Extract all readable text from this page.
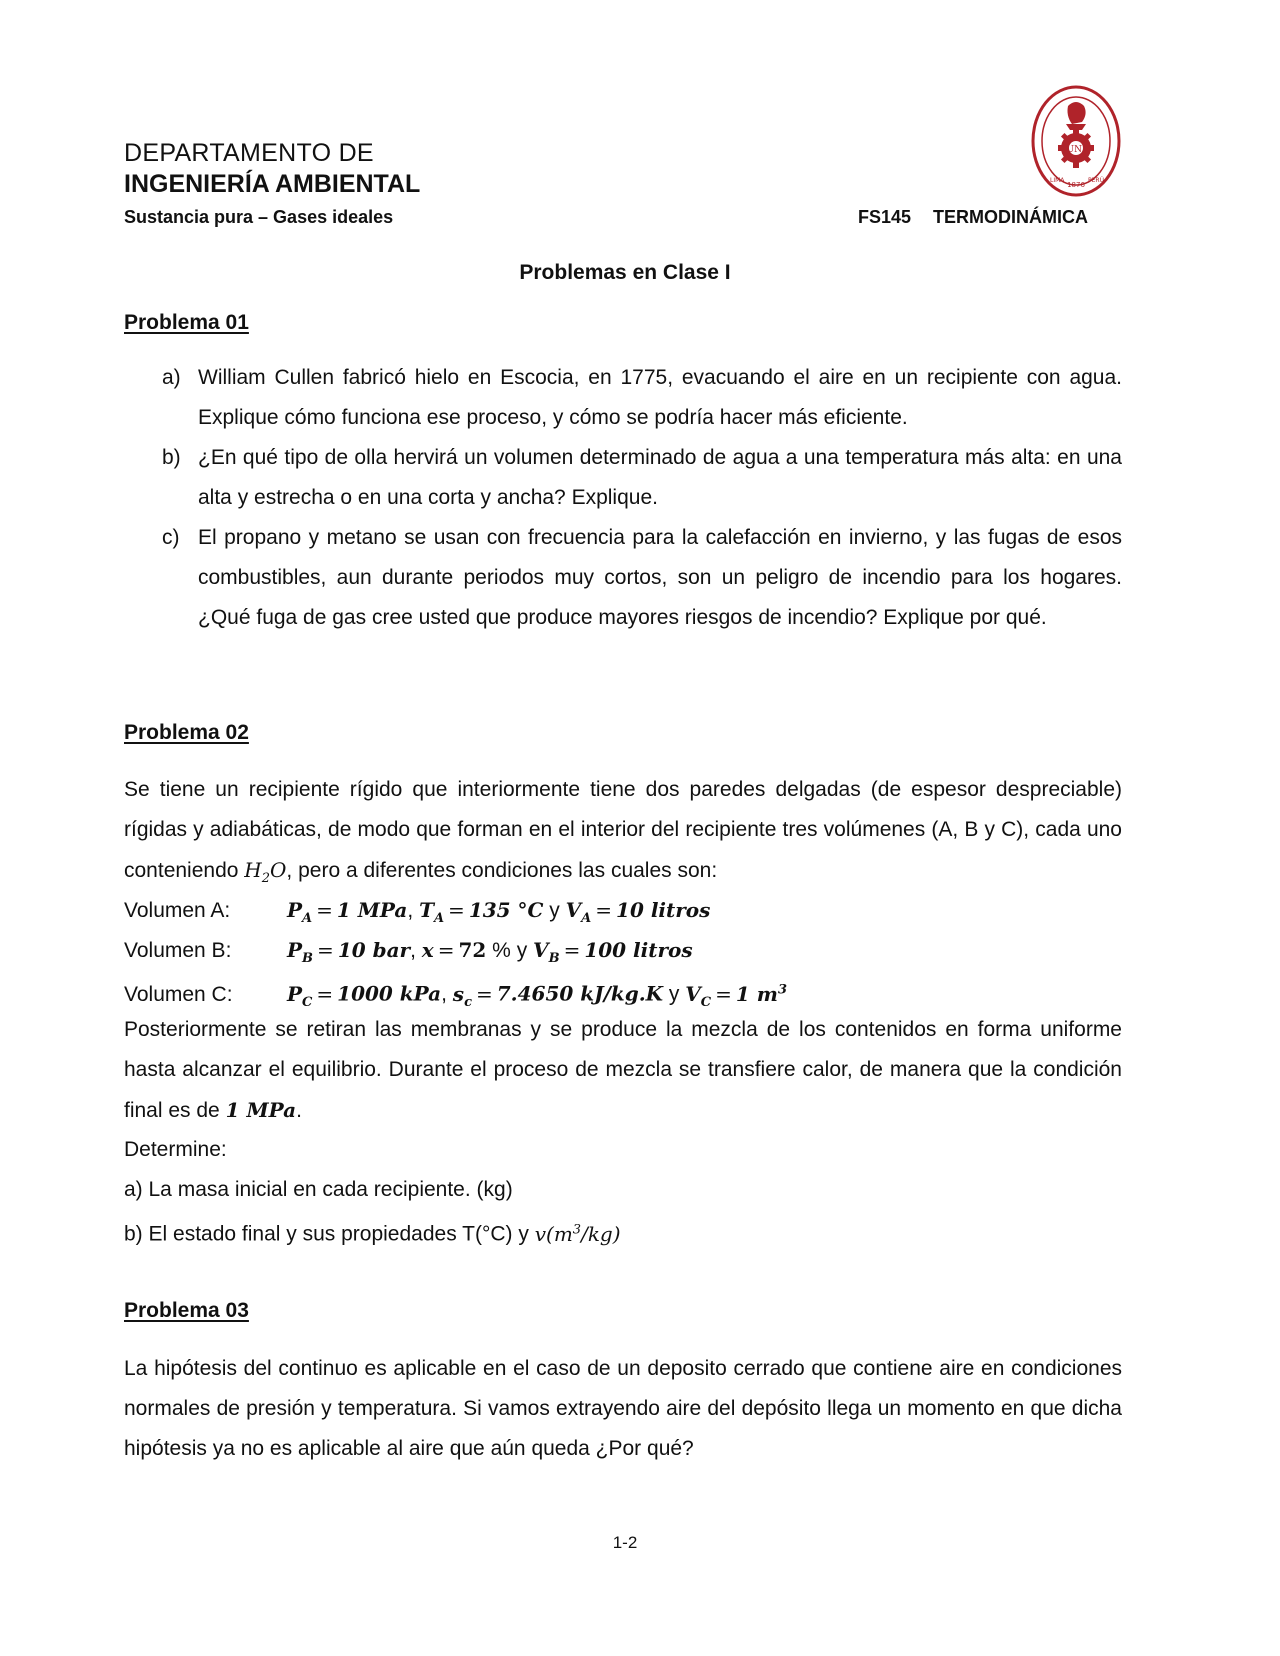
DEPARTAMENTO DE
INGENIERÍA AMBIENTAL
Sustancia pura – Gases ideales	FS145 TERMODINÁMICA
UNI
1876
LIMA	PERÚ
Problemas en Clase I
Problema 01
a) William Cullen fabricó hielo en Escocia, en 1775, evacuando el aire en un recipiente con agua. Explique cómo funciona ese proceso, y cómo se podría hacer más eficiente.
b) ¿En qué tipo de olla hervirá un volumen determinado de agua a una temperatura más alta: en una alta y estrecha o en una corta y ancha? Explique.
c) El propano y metano se usan con frecuencia para la calefacción en invierno, y las fugas de esos combustibles, aun durante periodos muy cortos, son un peligro de incendio para los hogares. ¿Qué fuga de gas cree usted que produce mayores riesgos de incendio? Explique por qué.
Problema 02

Se tiene un recipiente rígido que interiormente tiene dos paredes delgadas (de espesor despreciable) rígidas y adiabáticas, de modo que forman en el interior del recipiente tres volúmenes (A, B y C), cada uno conteniendo $H_2O$, pero a diferentes condiciones las cuales son:

Volumen A:	$P_A = 1$ MPa, $T_A = 135$ °C y $V_A = 10$ litros
Volumen B:	$P_B = 10$ bar, x = 72 % y $V_B = 100$ litros
Volumen C:	$P_C = 1000$ kPa, $s_c = 7.4650$ kJ/kg.K y $V_C = 1$ $m^3$

Posteriormente se retiran las membranas y se produce la mezcla de los contenidos en forma uniforme hasta alcanzar el equilibrio. Durante el proceso de mezcla se transfiere calor, de manera que la condición final es de 1 MPa.

Determine:
a) La masa inicial en cada recipiente. (kg)
b) El estado final y sus propiedades T(°C) y $v(m^3/kg)$
Problema 03

La hipótesis del continuo es aplicable en el caso de un deposito cerrado que contiene aire en condiciones normales de presión y temperatura. Si vamos extrayendo aire del depósito llega un momento en que dicha hipótesis ya no es aplicable al aire que aún queda ¿Por qué?

1-2
